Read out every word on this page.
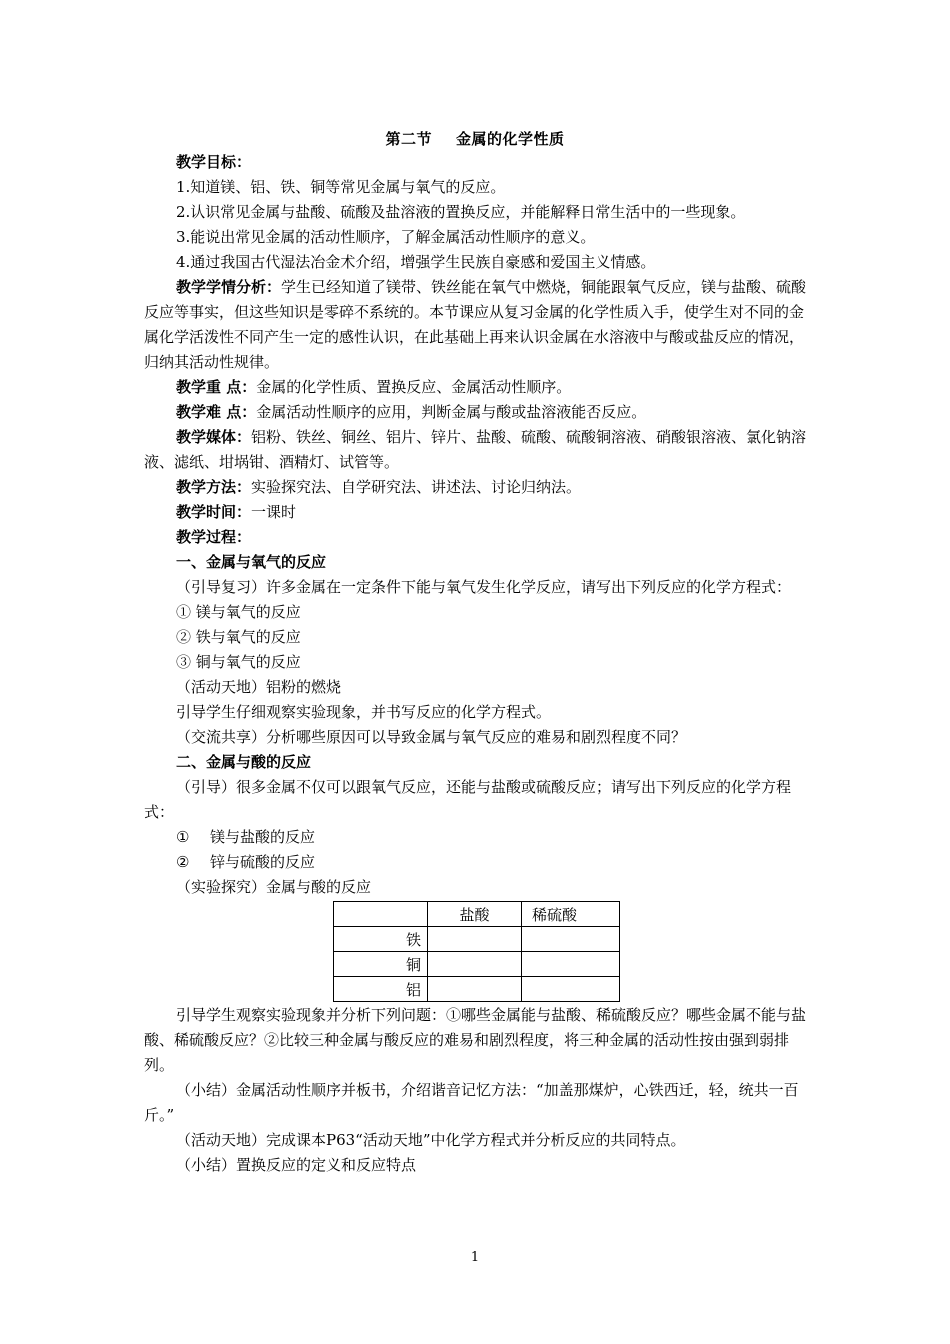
第二节 金属的化学性质

教学目标：

1.知道镁、铝、铁、铜等常见金属与氧气的反应。

2.认识常见金属与盐酸、硫酸及盐溶液的置换反应，并能解释日常生活中的一些现象。

3.能说出常见金属的活动性顺序，了解金属活动性顺序的意义。

4.通过我国古代湿法冶金术介绍，增强学生民族自豪感和爱国主义情感。

教学学情分析：学生已经知道了镁带、铁丝能在氧气中燃烧，铜能跟氧气反应，镁与盐酸、硫酸反应等事实，但这些知识是零碎不系统的。本节课应从复习金属的化学性质入手，使学生对不同的金属化学活泼性不同产生一定的感性认识，在此基础上再来认识金属在水溶液中与酸或盐反应的情况，归纳其活动性规律。

教学重 点：金属的化学性质、置换反应、金属活动性顺序。

教学难 点：金属活动性顺序的应用，判断金属与酸或盐溶液能否反应。

教学媒体：铝粉、铁丝、铜丝、铝片、锌片、盐酸、硫酸、硫酸铜溶液、硝酸银溶液、氯化钠溶液、滤纸、坩埚钳、酒精灯、试管等。

教学方法：实验探究法、自学研究法、讲述法、讨论归纳法。

教学时间：一课时

教学过程：

一、金属与氧气的反应

（引导复习）许多金属在一定条件下能与氧气发生化学反应，请写出下列反应的化学方程式：

① 镁与氧气的反应

② 铁与氧气的反应

③ 铜与氧气的反应

（活动天地）铝粉的燃烧

引导学生仔细观察实验现象，并书写反应的化学方程式。

（交流共享）分析哪些原因可以导致金属与氧气反应的难易和剧烈程度不同？

二、金属与酸的反应

（引导）很多金属不仅可以跟氧气反应，还能与盐酸或硫酸反应；请写出下列反应的化学方程式：

① 镁与盐酸的反应

② 锌与硫酸的反应

（实验探究）金属与酸的反应

	盐酸	稀硫酸
铁		
铜		
铝		

引导学生观察实验现象并分析下列问题：①哪些金属能与盐酸、稀硫酸反应？哪些金属不能与盐酸、稀硫酸反应？②比较三种金属与酸反应的难易和剧烈程度，将三种金属的活动性按由强到弱排列。

（小结）金属活动性顺序并板书，介绍谐音记忆方法：“加盖那煤炉，心铁西迁，轻，统共一百斤。”

（活动天地）完成课本P63“活动天地”中化学方程式并分析反应的共同特点。

（小结）置换反应的定义和反应特点

1
